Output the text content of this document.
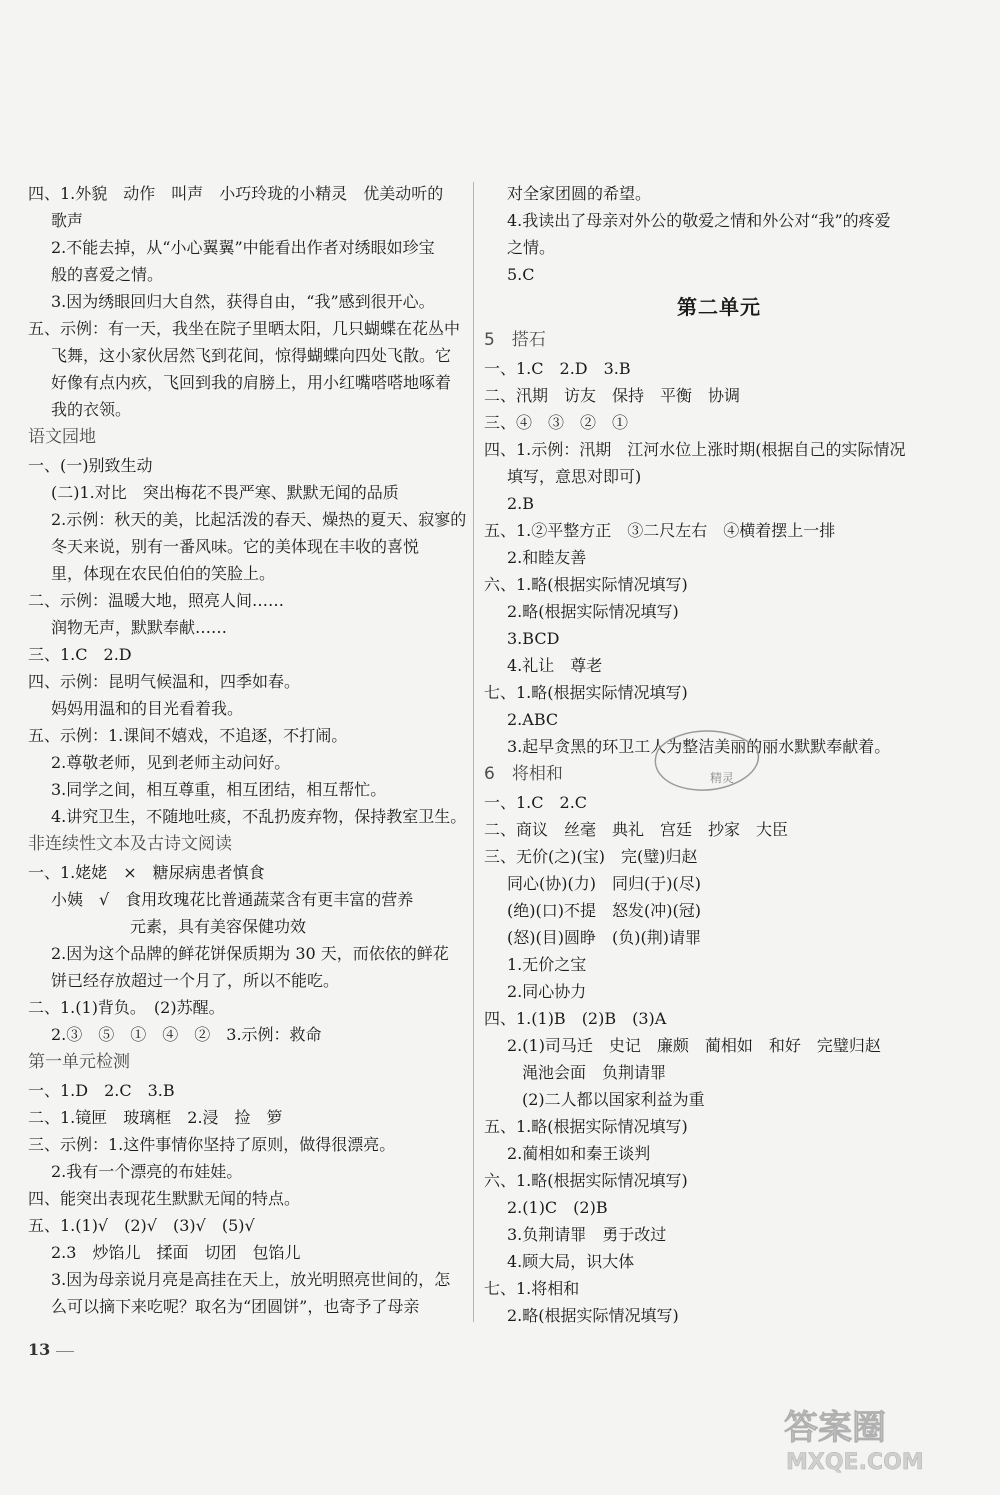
四、1.外貌　动作　叫声　小巧玲珑的小精灵　优美动听的
歌声
2.不能去掉，从“小心翼翼”中能看出作者对绣眼如珍宝
般的喜爱之情。
3.因为绣眼回归大自然，获得自由，“我”感到很开心。
五、示例：有一天，我坐在院子里晒太阳，几只蝴蝶在花丛中
飞舞，这小家伙居然飞到花间，惊得蝴蝶向四处飞散。它
好像有点内疚，飞回到我的肩膀上，用小红嘴嗒嗒地啄着
我的衣领。
语文园地
一、(一)别致生动
(二)1.对比　突出梅花不畏严寒、默默无闻的品质
2.示例：秋天的美，比起活泼的春天、燥热的夏天、寂寥的
冬天来说，别有一番风味。它的美体现在丰收的喜悦
里，体现在农民伯伯的笑脸上。
二、示例：温暖大地，照亮人间……
润物无声，默默奉献……
三、1.C　2.D
四、示例：昆明气候温和，四季如春。
妈妈用温和的目光看着我。
五、示例：1.课间不嬉戏，不追逐，不打闹。
2.尊敬老师，见到老师主动问好。
3.同学之间，相互尊重，相互团结，相互帮忙。
4.讲究卫生，不随地吐痰，不乱扔废弃物，保持教室卫生。
非连续性文本及古诗文阅读
一、1.姥姥　×　糖尿病患者慎食
小姨　√　食用玫瑰花比普通蔬菜含有更丰富的营养
　　　　元素，具有美容保健功效
2.因为这个品牌的鲜花饼保质期为 30 天，而依依的鲜花
饼已经存放超过一个月了，所以不能吃。
二、1.(1)背负。　(2)苏醒。
2.③　⑤　①　④　②　3.示例：救命
第一单元检测
一、1.D　2.C　3.B
二、1.镜匣　玻璃框　2.浸　捡　箩
三、示例：1.这件事情你坚持了原则，做得很漂亮。
2.我有一个漂亮的布娃娃。
四、能突出表现花生默默无闻的特点。
五、1.(1)√　(2)√　(3)√　(5)√
2.3　炒馅儿　揉面　切团　包馅儿
3.因为母亲说月亮是高挂在天上，放光明照亮世间的，怎
么可以摘下来吃呢？取名为“团圆饼”，也寄予了母亲
对全家团圆的希望。
4.我读出了母亲对外公的敬爱之情和外公对“我”的疼爱
之情。
5.C
第二单元
5　搭石
一、1.C　2.D　3.B
二、汛期　访友　保持　平衡　协调
三、④　③　②　①
四、1.示例：汛期　江河水位上涨时期(根据自己的实际情况
填写，意思对即可)
2.B
五、1.②平整方正　③二尺左右　④横着摆上一排
2.和睦友善
六、1.略(根据实际情况填写)
2.略(根据实际情况填写)
3.BCD
4.礼让　尊老
七、1.略(根据实际情况填写)
2.ABC
3.起早贪黑的环卫工人为整洁美丽的丽水默默奉献着。
6　将相和
一、1.C　2.C
二、商议　丝毫　典礼　宫廷　抄家　大臣
三、无价(之)(宝)　完(璧)归赵
同心(协)(力)　同归(于)(尽)
(绝)(口)不提　怒发(冲)(冠)
(怒)(目)圆睁　(负)(荆)请罪
1.无价之宝
2.同心协力
四、1.(1)B　(2)B　(3)A
2.(1)司马迁　史记　廉颇　蔺相如　和好　完璧归赵
渑池会面　负荆请罪
(2)二人都以国家利益为重
五、1.略(根据实际情况填写)
2.蔺相如和秦王谈判
六、1.略(根据实际情况填写)
2.(1)C　(2)B
3.负荆请罪　勇于改过
4.顾大局，识大体
七、1.将相和
2.略(根据实际情况填写)
精灵
13
答案圈
MXQE.COM
